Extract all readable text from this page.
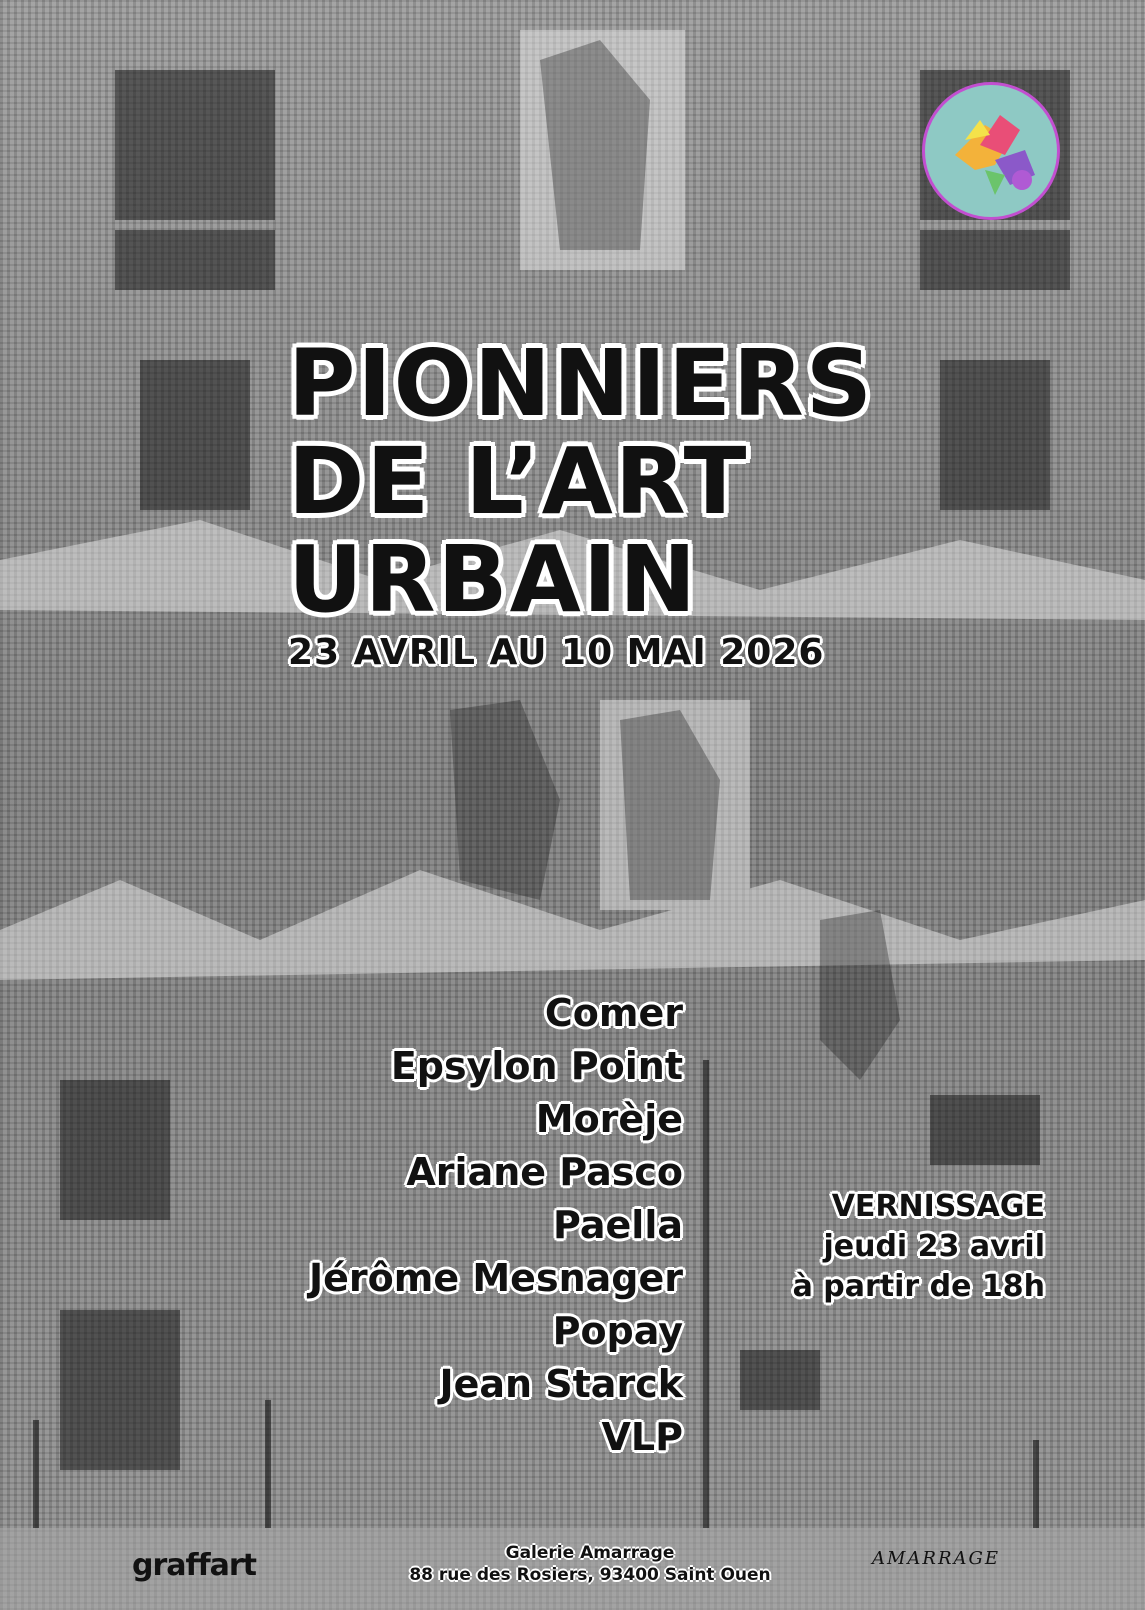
PIONNIERS
DE L’ART
URBAIN
23 AVRIL AU 10 MAI 2026
Comer
Epsylon Point
Morèje
Ariane Pasco
Paella
Jérôme Mesnager
Popay
Jean Starck
VLP
VERNISSAGE
jeudi 23 avril
à partir de 18h
graffart	Galerie Amarrage
88 rue des Rosiers, 93400 Saint Ouen
AMARRAGE
